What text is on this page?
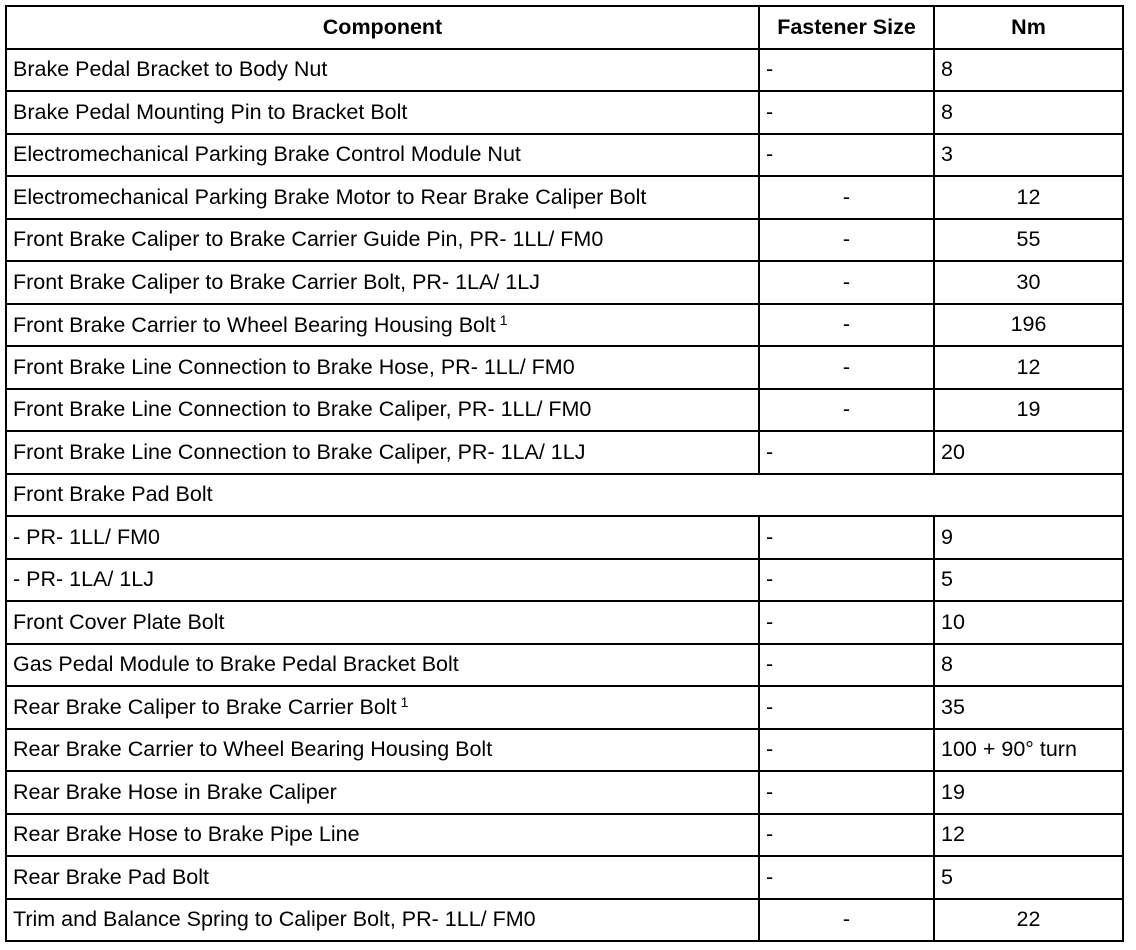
Component	Fastener Size	Nm
Brake Pedal Bracket to Body Nut	-	8
Brake Pedal Mounting Pin to Bracket Bolt	-	8
Electromechanical Parking Brake Control Module Nut	-	3
Electromechanical Parking Brake Motor to Rear Brake Caliper Bolt	-	12
Front Brake Caliper to Brake Carrier Guide Pin, PR- 1LL/ FM0	-	55
Front Brake Caliper to Brake Carrier Bolt, PR- 1LA/ 1LJ	-	30
Front Brake Carrier to Wheel Bearing Housing Bolt $^1$	-	196
Front Brake Line Connection to Brake Hose, PR- 1LL/ FM0	-	12
Front Brake Line Connection to Brake Caliper, PR- 1LL/ FM0	-	19
Front Brake Line Connection to Brake Caliper, PR- 1LA/ 1LJ	-	20
Front Brake Pad Bolt		
- PR- 1LL/ FM0	-	9
- PR- 1LA/ 1LJ	-	5
Front Cover Plate Bolt	-	10
Gas Pedal Module to Brake Pedal Bracket Bolt	-	8
Rear Brake Caliper to Brake Carrier Bolt $^1$	-	35
Rear Brake Carrier to Wheel Bearing Housing Bolt	-	100 + 90° turn
Rear Brake Hose in Brake Caliper	-	19
Rear Brake Hose to Brake Pipe Line	-	12
Rear Brake Pad Bolt	-	5
Trim and Balance Spring to Caliper Bolt, PR- 1LL/ FM0	-	22
